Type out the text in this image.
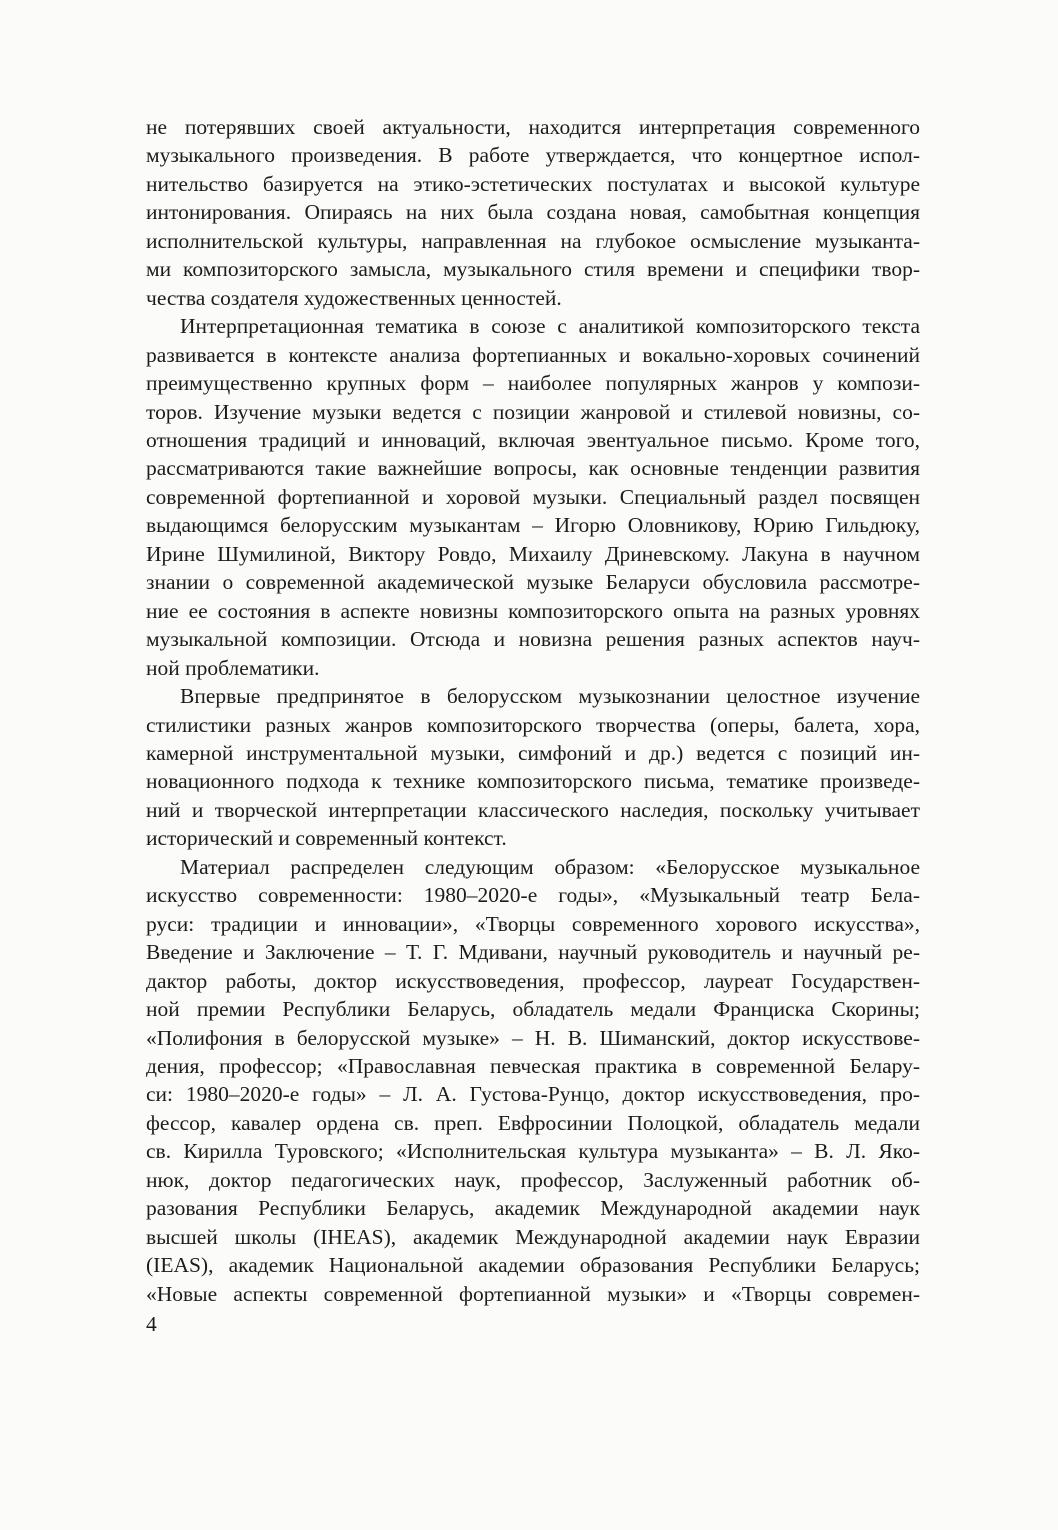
не потерявших своей актуальности, находится интерпретация современного
музыкального произведения. В работе утверждается, что концертное испол-
нительство базируется на этико-эстетических постулатах и высокой культуре
интонирования. Опираясь на них была создана новая, самобытная концепция
исполнительской культуры, направленная на глубокое осмысление музыканта-
ми композиторского замысла, музыкального стиля времени и специфики твор-
чества создателя художественных ценностей.
Интерпретационная тематика в союзе с аналитикой композиторского текста
развивается в контексте анализа фортепианных и вокально-хоровых сочинений
преимущественно крупных форм – наиболее популярных жанров у компози-
торов. Изучение музыки ведется с позиции жанровой и стилевой новизны, со-
отношения традиций и инноваций, включая эвентуальное письмо. Кроме того,
рассматриваются такие важнейшие вопросы, как основные тенденции развития
современной фортепианной и хоровой музыки. Специальный раздел посвящен
выдающимся белорусским музыкантам – Игорю Оловникову, Юрию Гильдюку,
Ирине Шумилиной, Виктору Ровдо, Михаилу Дриневскому. Лакуна в научном
знании о современной академической музыке Беларуси обусловила рассмотре-
ние ее состояния в аспекте новизны композиторского опыта на разных уровнях
музыкальной композиции. Отсюда и новизна решения разных аспектов науч-
ной проблематики.
Впервые предпринятое в белорусском музыкознании целостное изучение
стилистики разных жанров композиторского творчества (оперы, балета, хора,
камерной инструментальной музыки, симфоний и др.) ведется с позиций ин-
новационного подхода к технике композиторского письма, тематике произведе-
ний и творческой интерпретации классического наследия, поскольку учитывает
исторический и современный контекст.
Материал распределен следующим образом: «Белорусское музыкальное
искусство современности: 1980–2020-е годы», «Музыкальный театр Бела-
руси: традиции и инновации», «Творцы современного хорового искусства»,
Введение и Заключение – Т. Г. Мдивани, научный руководитель и научный ре-
дактор работы, доктор искусствоведения, профессор, лауреат Государствен-
ной премии Республики Беларусь, обладатель медали Франциска Скорины;
«Полифония в белорусской музыке» – Н. В. Шиманский, доктор искусствове-
дения, профессор; «Православная певческая практика в современной Белару-
си: 1980–2020-е годы» – Л. А. Густова-Рунцо, доктор искусствоведения, про-
фессор, кавалер ордена св. преп. Евфросинии Полоцкой, обладатель медали
св. Кирилла Туровского; «Исполнительская культура музыканта» – В. Л. Яко-
нюк, доктор педагогических наук, профессор, Заслуженный работник об-
разования Республики Беларусь, академик Международной академии наук
высшей школы (IHEAS), академик Международной академии наук Евразии
(IEAS), академик Национальной академии образования Республики Беларусь;
«Новые аспекты современной фортепианной музыки» и «Творцы современ-
4
